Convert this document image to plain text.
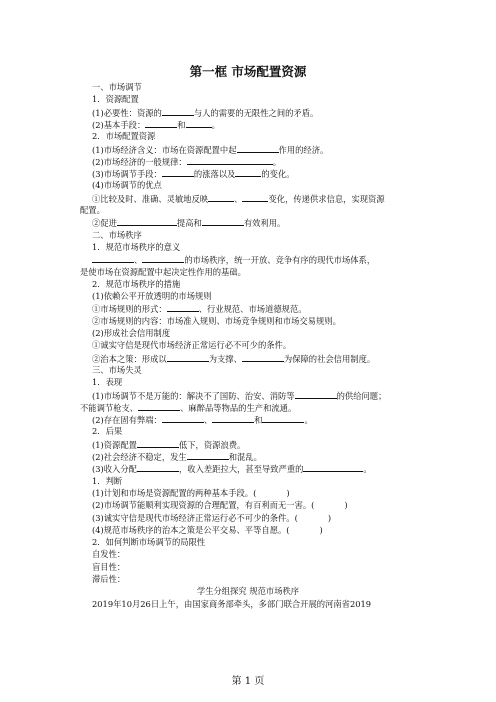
第一框 市场配置资源
一、市场调节
1．资源配置
(1)必要性：资源的	与人的需要的无限性之间的矛盾。
(2)基本手段：	和	。
2．市场配置资源
(1)市场经济含义：市场在资源配置中起	作用的经济。
(2)市场经济的一般规律：	。
(3)市场调节手段：	的涨落以及	的变化。
(4)市场调节的优点
①比较及时、准确、灵敏地反映	、	变化，传递供求信息，实现资源
配置。
②促进	提高和	有效利用。
二、市场秩序
1．规范市场秩序的意义
、	的市场秩序，统一开放、竞争有序的现代市场体系，
是使市场在资源配置中起决定性作用的基础。
2．规范市场秩序的措施
(1)依赖公平开放透明的市场规则
①市场规则的形式：	、行业规范、市场道德规范。
②市场规则的内容：市场准入规则、市场竞争规则和市场交易规则。
(2)形成社会信用制度
①诚实守信是现代市场经济正常运行必不可少的条件。
②治本之策：形成以	为支撑、	为保障的社会信用制度。
三、市场失灵
1．表现
(1)市场调节不是万能的：解决不了国防、治安、消防等	的供给问题；
不能调节枪支、	、麻醉品等物品的生产和流通。
(2)存在固有弊端：	、	和	。
2．后果
(1)资源配置	低下，资源浪费。
(2)社会经济不稳定，发生	和混乱。
(3)收入分配	，收入差距拉大，甚至导致严重的	。
1．判断
(1)计划和市场是资源配置的两种基本手段。(	)
(2)市场调节能顺利实现资源的合理配置，有百利而无一害。(	)
(3)诚实守信是现代市场经济正常运行必不可少的条件。(	)
(4)规范市场秩序的治本之策是公平交易、平等自愿。(	)
2．如何判断市场调节的局限性
自发性：
盲目性：
滞后性：
学生分组探究 规范市场秩序
2019年10月26日上午，由国家商务部牵头，多部门联合开展的河南省2019
第 1 页
